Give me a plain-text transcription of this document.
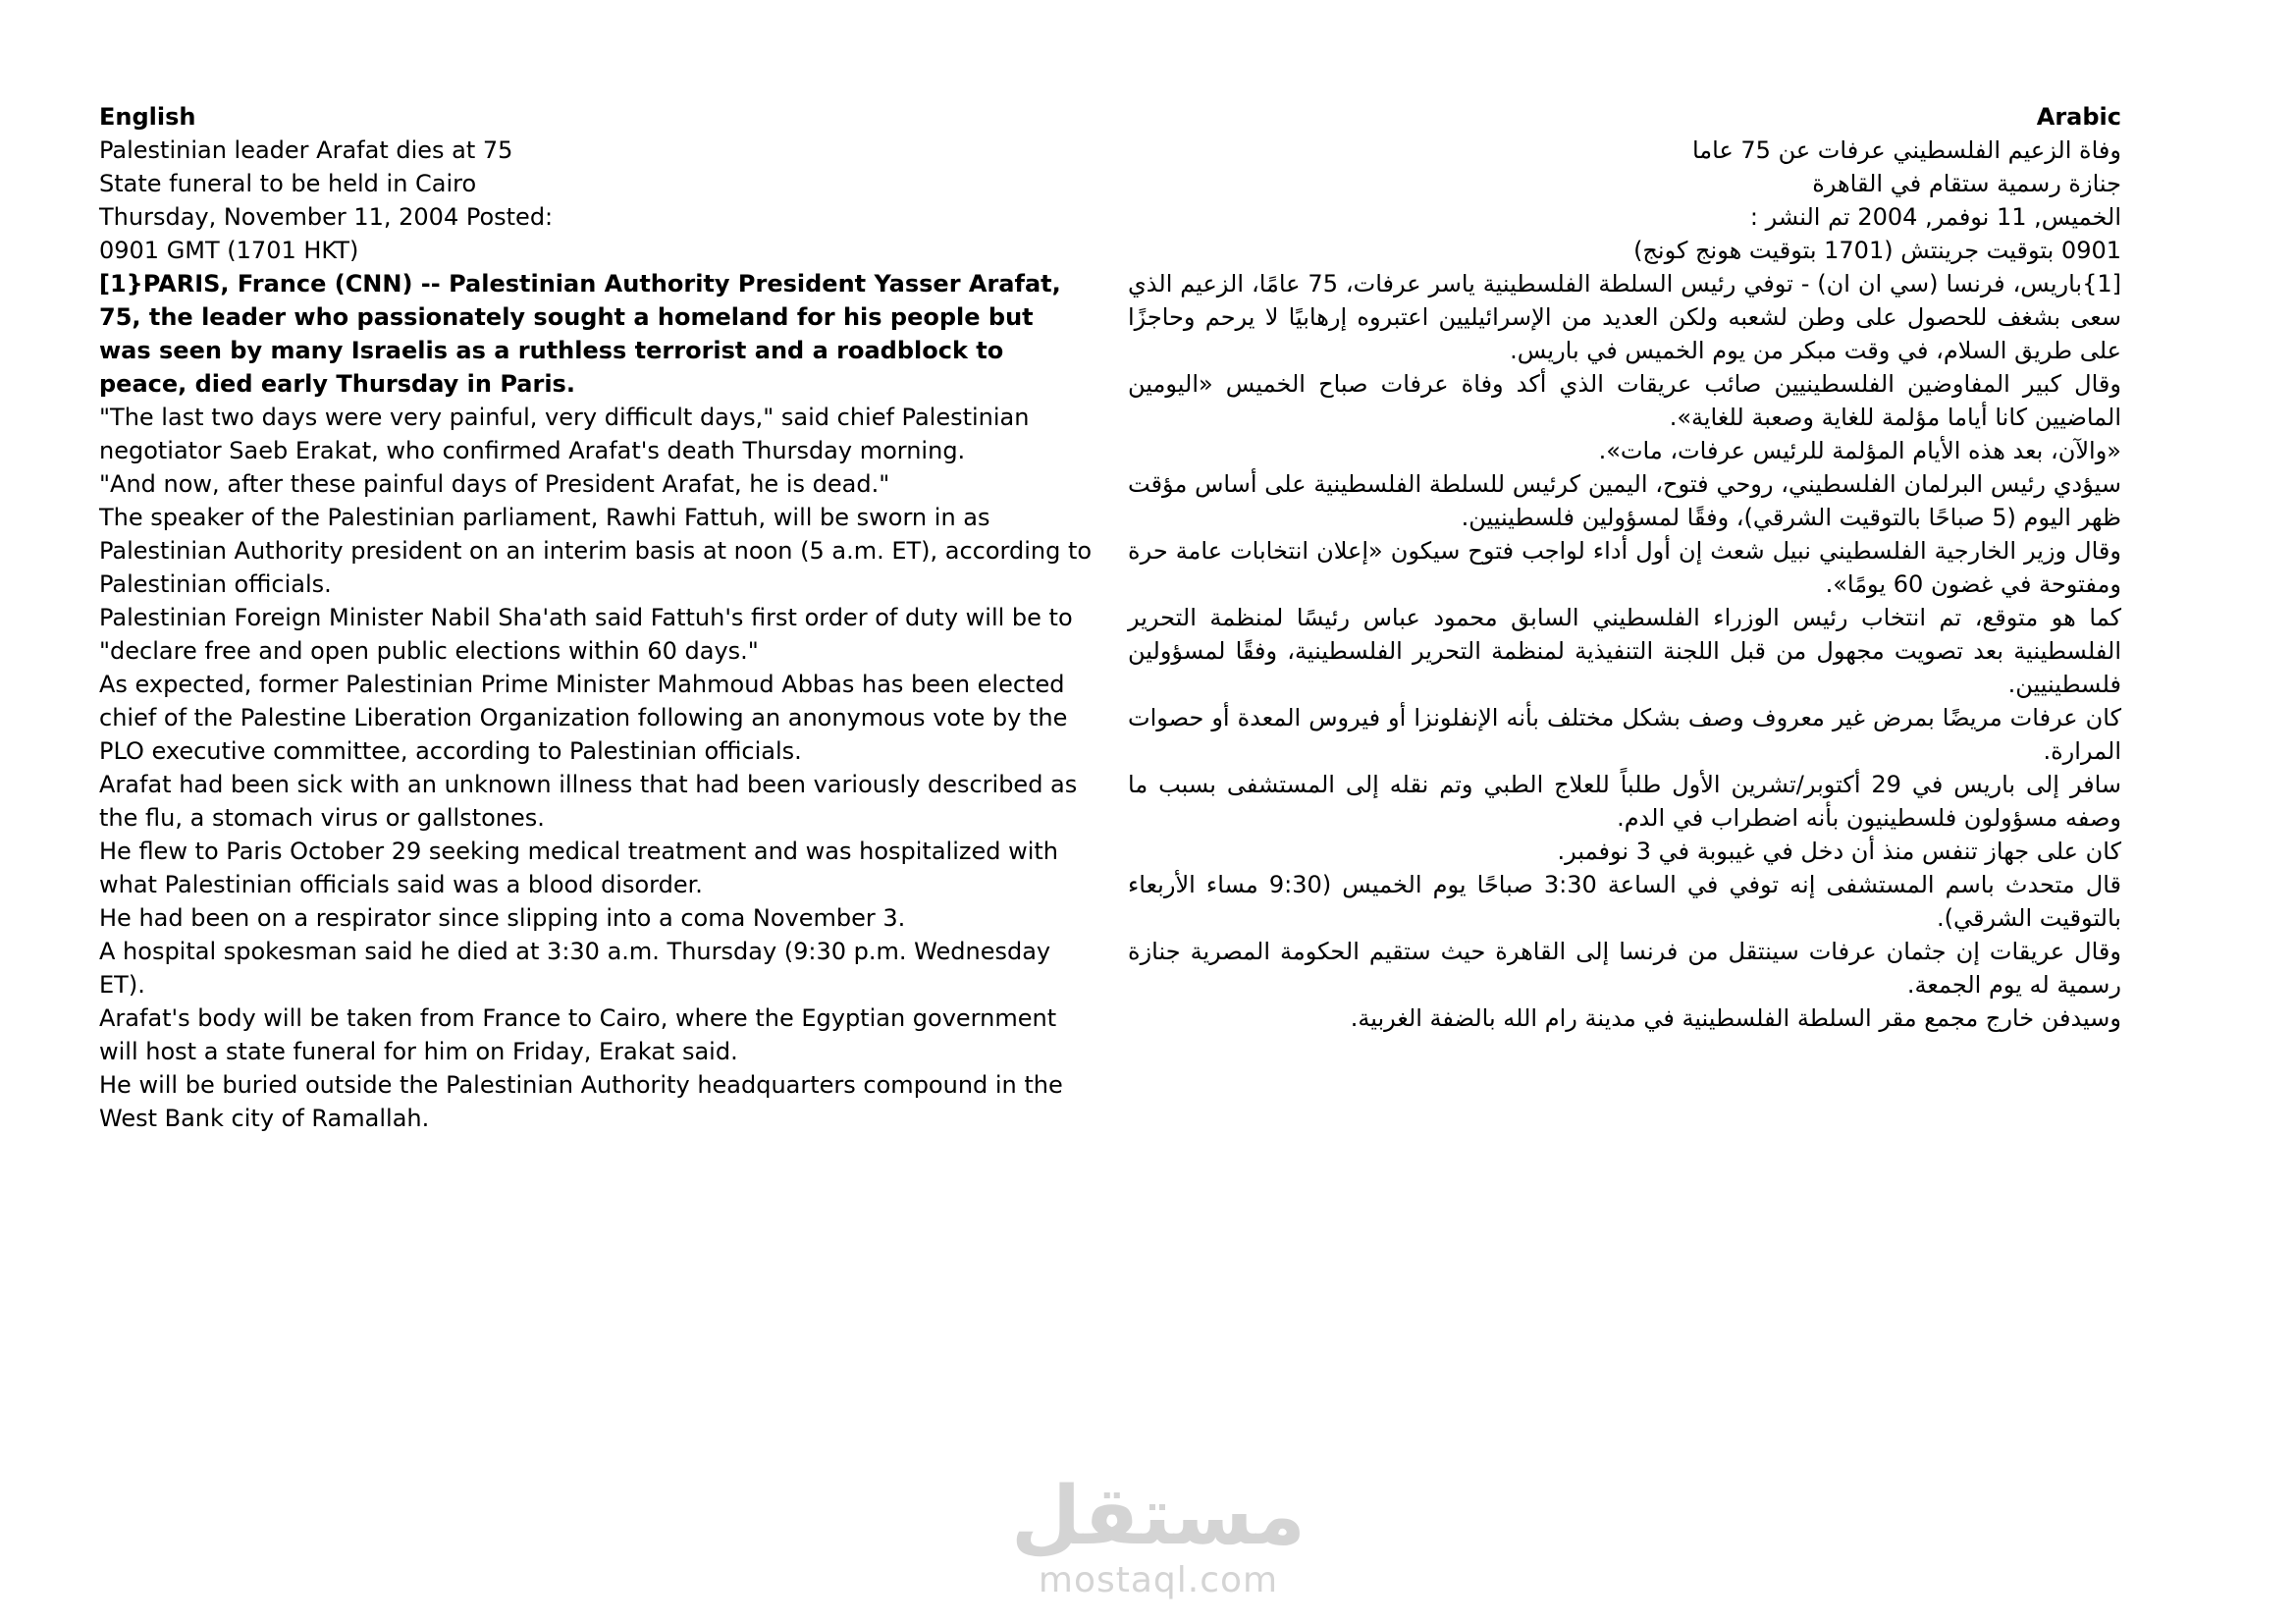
English

Palestinian leader Arafat dies at 75

State funeral to be held in Cairo

Thursday, November 11, 2004 Posted:

0901 GMT (1701 HKT)

[1}PARIS, France (CNN) -- Palestinian Authority President Yasser Arafat, 75, the leader who passionately sought a homeland for his people but was seen by many Israelis as a ruthless terrorist and a roadblock to peace, died early Thursday in Paris.

"The last two days were very painful, very difficult days," said chief Palestinian negotiator Saeb Erakat, who confirmed Arafat's death Thursday morning.

"And now, after these painful days of President Arafat, he is dead."

The speaker of the Palestinian parliament, Rawhi Fattuh, will be sworn in as Palestinian Authority president on an interim basis at noon (5 a.m. ET), according to Palestinian officials.

Palestinian Foreign Minister Nabil Sha'ath said Fattuh's first order of duty will be to "declare free and open public elections within 60 days."

As expected, former Palestinian Prime Minister Mahmoud Abbas has been elected chief of the Palestine Liberation Organization following an anonymous vote by the PLO executive committee, according to Palestinian officials.

Arafat had been sick with an unknown illness that had been variously described as the flu, a stomach virus or gallstones.

He flew to Paris October 29 seeking medical treatment and was hospitalized with what Palestinian officials said was a blood disorder.

He had been on a respirator since slipping into a coma November 3.

A hospital spokesman said he died at 3:30 a.m. Thursday (9:30 p.m. Wednesday ET).

Arafat's body will be taken from France to Cairo, where the Egyptian government will host a state funeral for him on Friday, Erakat said.

He will be buried outside the Palestinian Authority headquarters compound in the West Bank city of Ramallah.

Arabic

وفاة الزعيم الفلسطيني عرفات عن 75 عاما

جنازة رسمية ستقام في القاهرة

الخميس, 11 نوفمر, 2004 تم النشر :

0901 بتوقيت جرينتش (1701 بتوقيت هونج كونج)

[1}باريس، فرنسا (سي ان ان) - توفي رئيس السلطة الفلسطينية ياسر عرفات، 75 عامًا، الزعيم الذي سعى بشغف للحصول على وطن لشعبه ولكن العديد من الإسرائيليين اعتبروه إرهابيًا لا يرحم وحاجزًا على طريق السلام، في وقت مبكر من يوم الخميس في باريس.

وقال كبير المفاوضين الفلسطينيين صائب عريقات الذي أكد وفاة عرفات صباح الخميس «اليومين الماضيين كانا أياما مؤلمة للغاية وصعبة للغاية».

«والآن، بعد هذه الأيام المؤلمة للرئيس عرفات، مات».

سيؤدي رئيس البرلمان الفلسطيني، روحي فتوح، اليمين كرئيس للسلطة الفلسطينية على أساس مؤقت ظهر اليوم (5 صباحًا بالتوقيت الشرقي)، وفقًا لمسؤولين فلسطينيين.

وقال وزير الخارجية الفلسطيني نبيل شعث إن أول أداء لواجب فتوح سيكون «إعلان انتخابات عامة حرة ومفتوحة في غضون 60 يومًا».

كما هو متوقع، تم انتخاب رئيس الوزراء الفلسطيني السابق محمود عباس رئيسًا لمنظمة التحرير الفلسطينية بعد تصويت مجهول من قبل اللجنة التنفيذية لمنظمة التحرير الفلسطينية، وفقًا لمسؤولين فلسطينيين.

كان عرفات مريضًا بمرض غير معروف وصف بشكل مختلف بأنه الإنفلونزا أو فيروس المعدة أو حصوات المرارة.

سافر إلى باريس في 29 أكتوبر/تشرين الأول طلباً للعلاج الطبي وتم نقله إلى المستشفى بسبب ما وصفه مسؤولون فلسطينيون بأنه اضطراب في الدم.

كان على جهاز تنفس منذ أن دخل في غيبوبة في 3 نوفمبر.

قال متحدث باسم المستشفى إنه توفي في الساعة 3:30 صباحًا يوم الخميس (9:30 مساء الأربعاء بالتوقيت الشرقي).

وقال عريقات إن جثمان عرفات سينتقل من فرنسا إلى القاهرة حيث ستقيم الحكومة المصرية جنازة رسمية له يوم الجمعة.

وسيدفن خارج مجمع مقر السلطة الفلسطينية في مدينة رام الله بالضفة الغربية.

مستقل
mostaql.com
